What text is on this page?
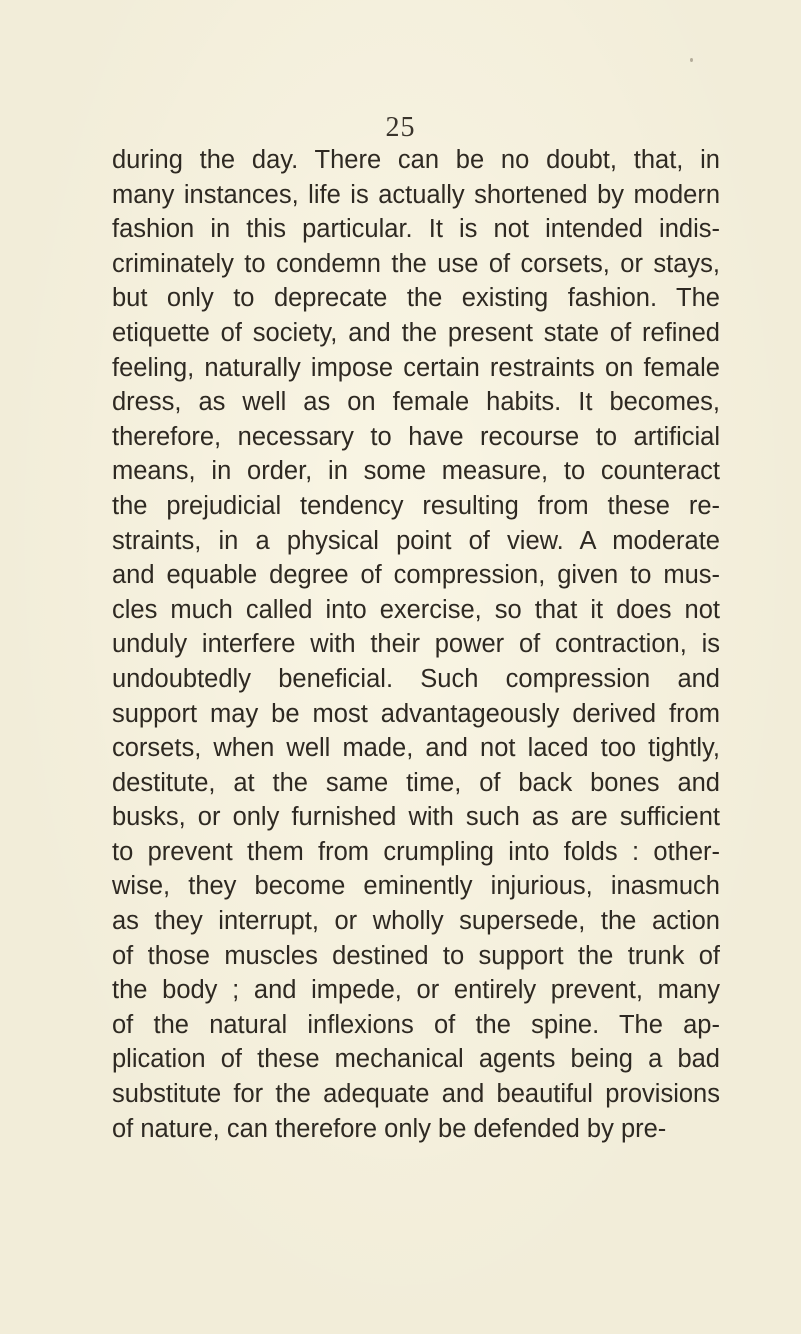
25
during the day. There can be no doubt, that, in
many instances, life is actually shortened by modern
fashion in this particular. It is not intended indis-
criminately to condemn the use of corsets, or stays,
but only to deprecate the existing fashion. The
etiquette of society, and the present state of refined
feeling, naturally impose certain restraints on female
dress, as well as on female habits. It becomes,
therefore, necessary to have recourse to artificial
means, in order, in some measure, to counteract
the prejudicial tendency resulting from these re-
straints, in a physical point of view. A moderate
and equable degree of compression, given to mus-
cles much called into exercise, so that it does not
unduly interfere with their power of contraction, is
undoubtedly beneficial. Such compression and
support may be most advantageously derived from
corsets, when well made, and not laced too tightly,
destitute, at the same time, of back bones and
busks, or only furnished with such as are sufficient
to prevent them from crumpling into folds : other-
wise, they become eminently injurious, inasmuch
as they interrupt, or wholly supersede, the action
of those muscles destined to support the trunk of
the body ; and impede, or entirely prevent, many
of the natural inflexions of the spine. The ap-
plication of these mechanical agents being a bad
substitute for the adequate and beautiful provisions
of nature, can therefore only be defended by pre-
